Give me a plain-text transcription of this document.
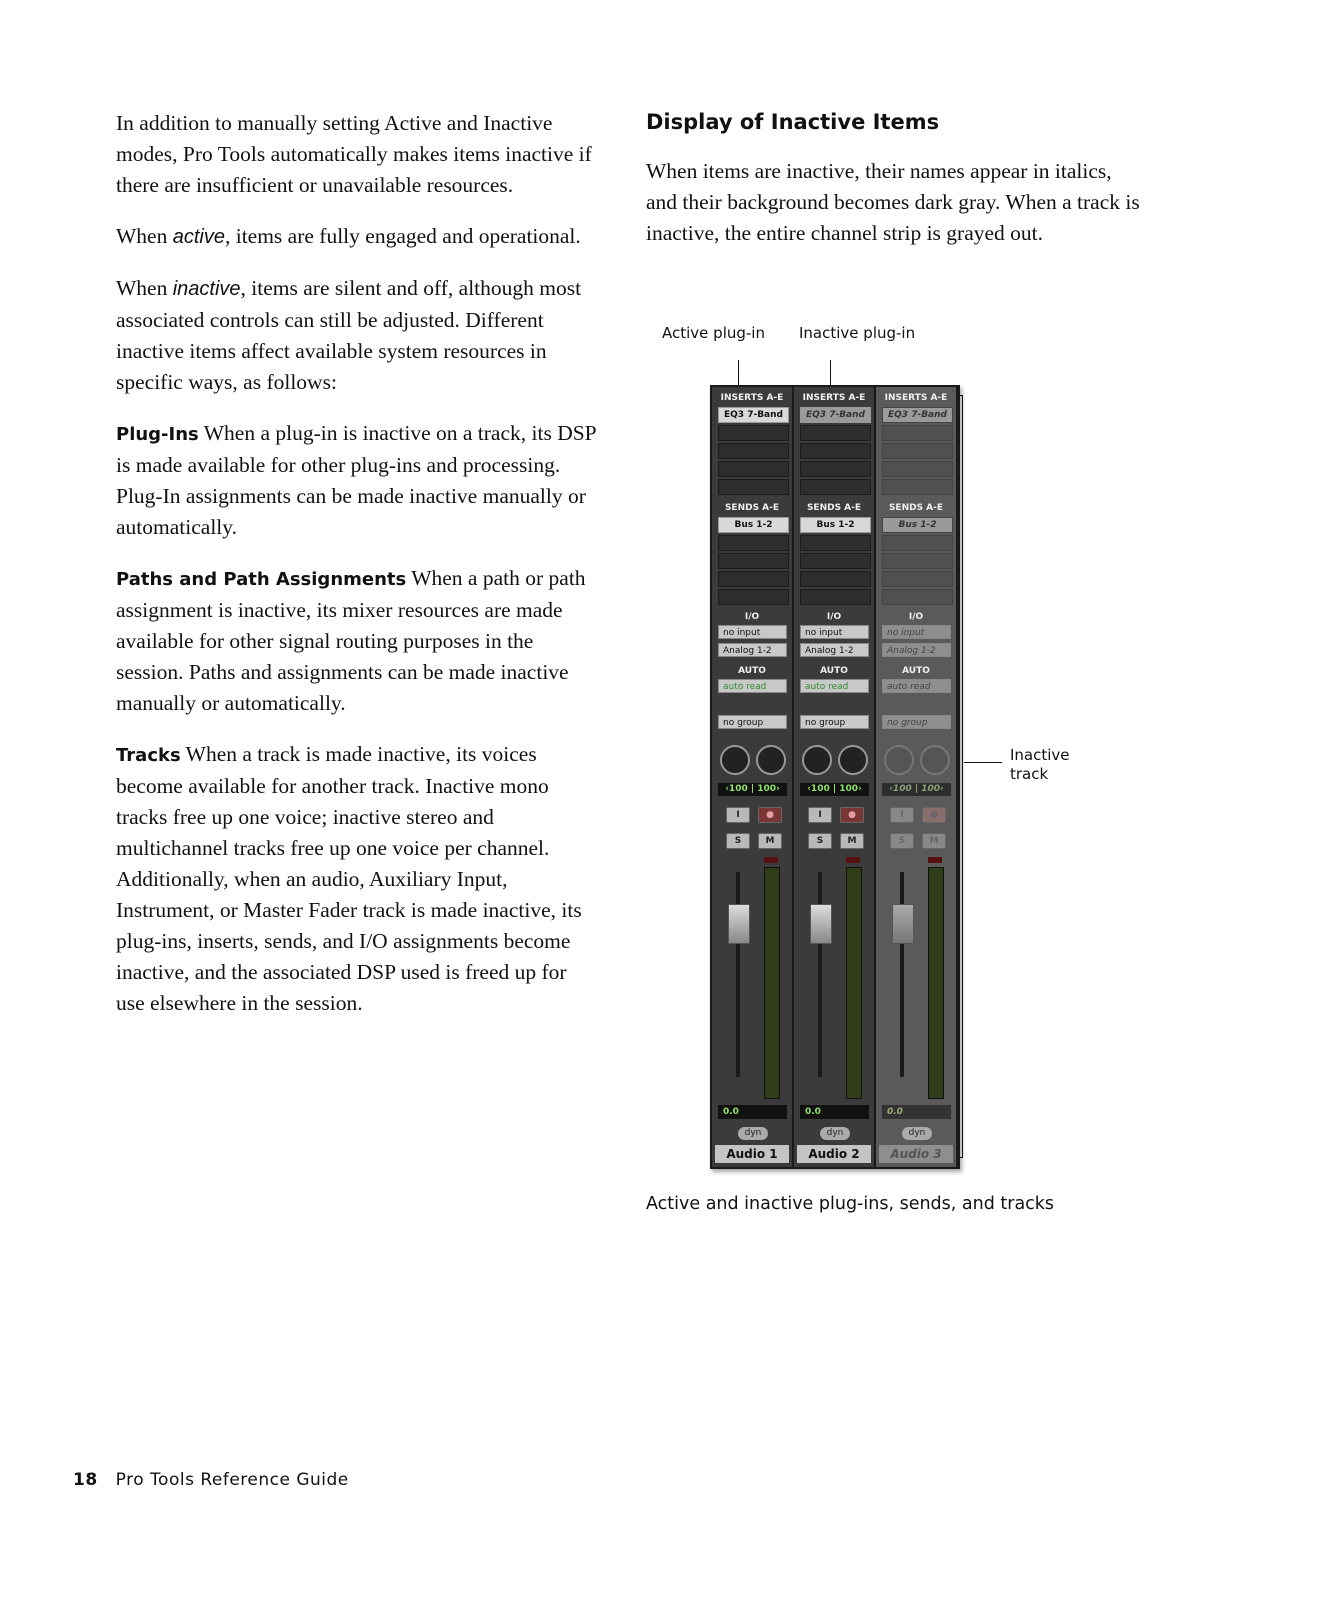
In addition to manually setting Active and Inactive modes, Pro Tools automatically makes items inactive if there are insufficient or unavailable resources.

When active, items are fully engaged and operational.

When inactive, items are silent and off, although most associated controls can still be adjusted. Different inactive items affect available system resources in specific ways, as follows:

Plug-Ins When a plug-in is inactive on a track, its DSP is made available for other plug-ins and processing. Plug-In assignments can be made inactive manually or automatically.

Paths and Path Assignments When a path or path assignment is inactive, its mixer resources are made available for other signal routing purposes in the session. Paths and assignments can be made inactive manually or automatically.

Tracks When a track is made inactive, its voices become available for another track. Inactive mono tracks free up one voice; inactive stereo and multichannel tracks free up one voice per channel. Additionally, when an audio, Auxiliary Input, Instrument, or Master Fader track is made inactive, its plug-ins, inserts, sends, and I/O assignments become inactive, and the associated DSP used is freed up for use elsewhere in the session.

Display of Inactive Items

When items are inactive, their names appear in italics, and their background becomes dark gray. When a track is inactive, the entire channel strip is grayed out.

Active plug-in Inactive plug-in
Inactive
track
INSERTS A-E
EQ3 7-Band
SENDS A-E
Bus 1-2
I/O
no input
Analog 1-2
AUTO
auto read
no group
‹100 | 100›
I	●
S	M
0.0
dyn
Audio 1
INSERTS A-E
EQ3 7-Band
SENDS A-E
Bus 1-2
I/O
no input
Analog 1-2
AUTO
auto read
no group
‹100 | 100›
I	●
S	M
0.0
dyn
Audio 2
INSERTS A-E
EQ3 7-Band
SENDS A-E
Bus 1-2
I/O
no input
Analog 1-2
AUTO
auto read
no group
‹100 | 100›
I	●
S	M
0.0
dyn
Audio 3
Active and inactive plug-ins, sends, and tracks
18 Pro Tools Reference Guide
